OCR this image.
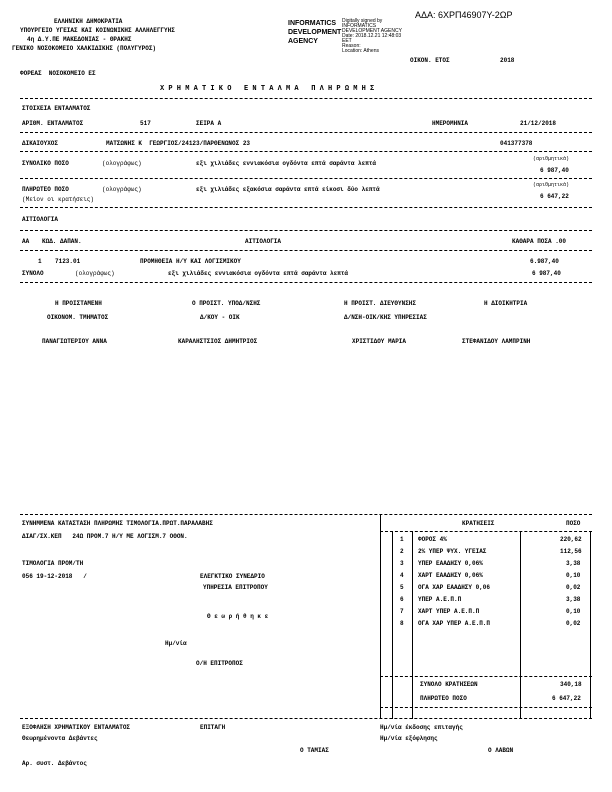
ΑΔΑ: 6ΧΡΠ46907Υ-2ΩΡ
ΕΛΛΗΝΙΚΗ ΔΗΜΟΚΡΑΤΙΑ
ΥΠΟΥΡΓΕΙΟ ΥΓΕΙΑΣ ΚΑΙ ΚΟΙΝΩΝΙΚΗΣ ΑΛΛΗΛΕΓΓΥΗΣ
4η Δ.Υ.ΠΕ ΜΑΚΕΔΟΝΙΑΣ - ΘΡΑΚΗΣ
ΓΕΝΙΚΟ ΝΟΣΟΚΟΜΕΙΟ ΧΑΛΚΙΔΙΚΗΣ (ΠΟΛΥΓΥΡΟΣ)
INFORMATICS
DEVELOPMENT
AGENCY
Digitally signed by
INFORMATICS
DEVELOPMENT AGENCY
Date: 2018.12.21 12:48:03
EET
Reason:
Location: Athens
ΟΙΚΟΝ. ΕΤΟΣ	2018
ΦΟΡΕΑΣ  ΝΟΣΟΚΟΜΕΙΟ ΕΣ
Χ Ρ Η Μ Α Τ Ι Κ Ο   Ε Ν Τ Α Λ Μ Α   Π Λ Η Ρ Ω Μ Η Σ
ΣΤΟΙΧΕΙΑ ΕΝΤΑΛΜΑΤΟΣ
ΑΡΙΘΜ. ΕΝΤΑΛΜΑΤΟΣ	517	ΣΕΙΡΑ Α	ΗΜΕΡΟΜΗΝΙΑ	21/12/2018
ΔΙΚΑΙΟΥΧΟΣ	ΜΑΤΣΩΝΗΣ Κ  ΓΕΩΡΓΙΟΣ/24123/ΠΑΡΘΕΝΩΝΟΣ 23	041377378
ΣΥΝΟΛΙΚΟ ΠΟΣΟ	(ολογράφως)	εξι χιλιάδες εννιακόσια ογδόντα επτά σαράντα λεπτά
(αριθμητικά)
6 987,40
ΠΛΗΡΩΤΕΟ ΠΟΣΟ	(ολογράφως)	εξι χιλιάδες εξακόσια σαράντα επτά είκοσι δύο λεπτά
(αριθμητικά)
6 647,22
(Μείον οι κρατήσεις)
ΑΙΤΙΟΛΟΓΙΑ
ΑΑ ΚΩΔ. ΔΑΠΑΝ.	ΑΙΤΙΟΛΟΓΙΑ	ΚΑΘΑΡΑ ΠΟΣΑ .00
1 7123.01	ΠΡΟΜΗΘΕΙΑ Η/Υ ΚΑΙ ΛΟΓΙΣΜΙΚΟΥ	6.987,40
ΣΥΝΟΛΟ	(ολογράφως)	εξι χιλιάδες εννιακόσια ογδόντα επτά σαράντα λεπτά	6 987,40
Η ΠΡΟΙΣΤΑΜΕΝΗ
ΟΙΚΟΝΟΜ. ΤΜΗΜΑΤΟΣ
ΠΑΝΑΓΙΩΤΕΡΙΟΥ ΑΝΝΑ
Ο ΠΡΟΙΣΤ. ΥΠΟΔ/ΝΣΗΣ
Δ/ΚΟΥ - ΟΙΚ
ΚΑΡΑΛΗΣΤΣΙΟΣ ΔΗΜΗΤΡΙΟΣ
Η ΠΡΟΙΣΤ. ΔΙΕΥΘΥΝΣΗΣ
Δ/ΝΣΗ-ΟΙΚ/ΚΗΣ ΥΠΗΡΕΣΙΑΣ
ΧΡΙΣΤΙΔΟΥ ΜΑΡΙΑ
Η ΔΙΟΙΚΗΤΡΙΑ
ΣΤΕΦΑΝΙΔΟΥ ΛΑΜΠΡΙΝΗ
ΣΥΝΗΜΜΕΝΑ ΚΑΤΑΣΤΑΣΗ ΠΛΗΡΩΜΗΣ ΤΙΜΟΛΟΓΙΑ.ΠΡΩΤ.ΠΑΡΑΛΑΒΗΣ
ΔΙΑΓ/ΣΧ.ΚΕΠ   24Ω ΠΡΟΜ.7 Η/Υ ΜΕ ΛΟΓΙΣΜ.7 ΟΘΟΝ.
ΤΙΜΟΛΟΓΙΑ ΠΡΟΜ/ΤΗ
056 19-12-2018   /	ΕΛΕΓΚΤΙΚΟ ΣΥΝΕΔΡΙΟ
ΥΠΗΡΕΣΙΑ ΕΠΙΤΡΟΠΟΥ
Θ ε ω ρ ή θ η κ ε
Ημ/νία
Ο/Η ΕΠΙΤΡΟΠΟΣ
ΚΡΑΤΗΣΕΙΣ	ΠΟΣΟ
1 ΦΟΡΟΣ 4%	220,62
2 2% ΥΠΕΡ ΨΥΧ. ΥΓΕΙΑΣ	112,56
3 ΥΠΕΡ ΕΑΑΔΗΣΥ 0,06%	3,38
4 ΧΑΡΤ ΕΑΑΔΗΣΥ 0,06%	0,10
5 ΟΓΑ ΧΑΡ ΕΑΑΔΗΣΥ 0,06	0,02
6 ΥΠΕΡ Α.Ε.Π.Π	3,38
7 ΧΑΡΤ ΥΠΕΡ Α.Ε.Π.Π	0,10
8 ΟΓΑ ΧΑΡ ΥΠΕΡ Α.Ε.Π.Π	0,02
ΣΥΝΟΛΟ ΚΡΑΤΗΣΕΩΝ	340,18
ΠΛΗΡΩΤΕΟ ΠΟΣΟ	6 647,22
ΕΞΟΦΛΗΣΗ ΧΡΗΜΑΤΙΚΟΥ ΕΝΤΑΛΜΑΤΟΣ	ΕΠΙΤΑΓΗ	Ημ/νία έκδοσης επιταγής
Θεωρημένοντα Δεβάντες	Ημ/νία εξόφλησης
Ο ΤΑΜΙΑΣ	Ο ΛΑΒΩΝ
Αρ. συστ. Δεβάντος
